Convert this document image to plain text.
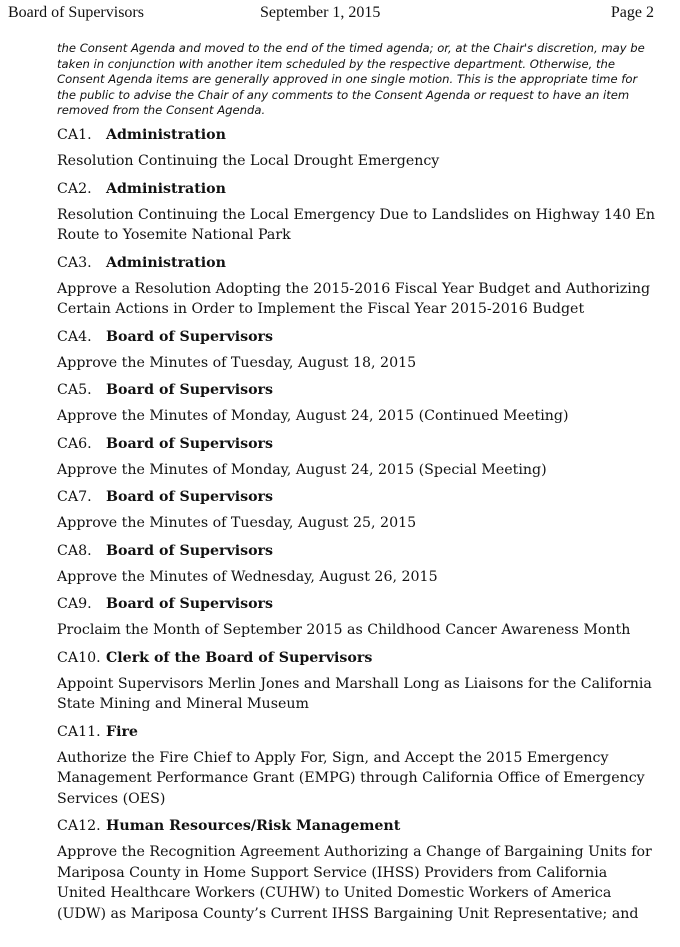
Board of Supervisors	September 1, 2015	Page 2
the Consent Agenda and moved to the end of the timed agenda; or, at the Chair's discretion, may be taken in conjunction with another item scheduled by the respective department. Otherwise, the Consent Agenda items are generally approved in one single motion. This is the appropriate time for the public to advise the Chair of any comments to the Consent Agenda or request to have an item removed from the Consent Agenda.
CA1. Administration
Resolution Continuing the Local Drought Emergency
CA2. Administration
Resolution Continuing the Local Emergency Due to Landslides on Highway 140 En Route to Yosemite National Park
CA3. Administration
Approve a Resolution Adopting the 2015-2016 Fiscal Year Budget and Authorizing Certain Actions in Order to Implement the Fiscal Year 2015-2016 Budget
CA4. Board of Supervisors
Approve the Minutes of Tuesday, August 18, 2015
CA5. Board of Supervisors
Approve the Minutes of Monday, August 24, 2015 (Continued Meeting)
CA6. Board of Supervisors
Approve the Minutes of Monday, August 24, 2015 (Special Meeting)
CA7. Board of Supervisors
Approve the Minutes of Tuesday, August 25, 2015
CA8. Board of Supervisors
Approve the Minutes of Wednesday, August 26, 2015
CA9. Board of Supervisors
Proclaim the Month of September 2015 as Childhood Cancer Awareness Month
CA10. Clerk of the Board of Supervisors
Appoint Supervisors Merlin Jones and Marshall Long as Liaisons for the California State Mining and Mineral Museum
CA11. Fire
Authorize the Fire Chief to Apply For, Sign, and Accept the 2015 Emergency Management Performance Grant (EMPG) through California Office of Emergency Services (OES)
CA12. Human Resources/Risk Management
Approve the Recognition Agreement Authorizing a Change of Bargaining Units for Mariposa County in Home Support Service (IHSS) Providers from California United Healthcare Workers (CUHW) to United Domestic Workers of America (UDW) as Mariposa County’s Current IHSS Bargaining Unit Representative; and
